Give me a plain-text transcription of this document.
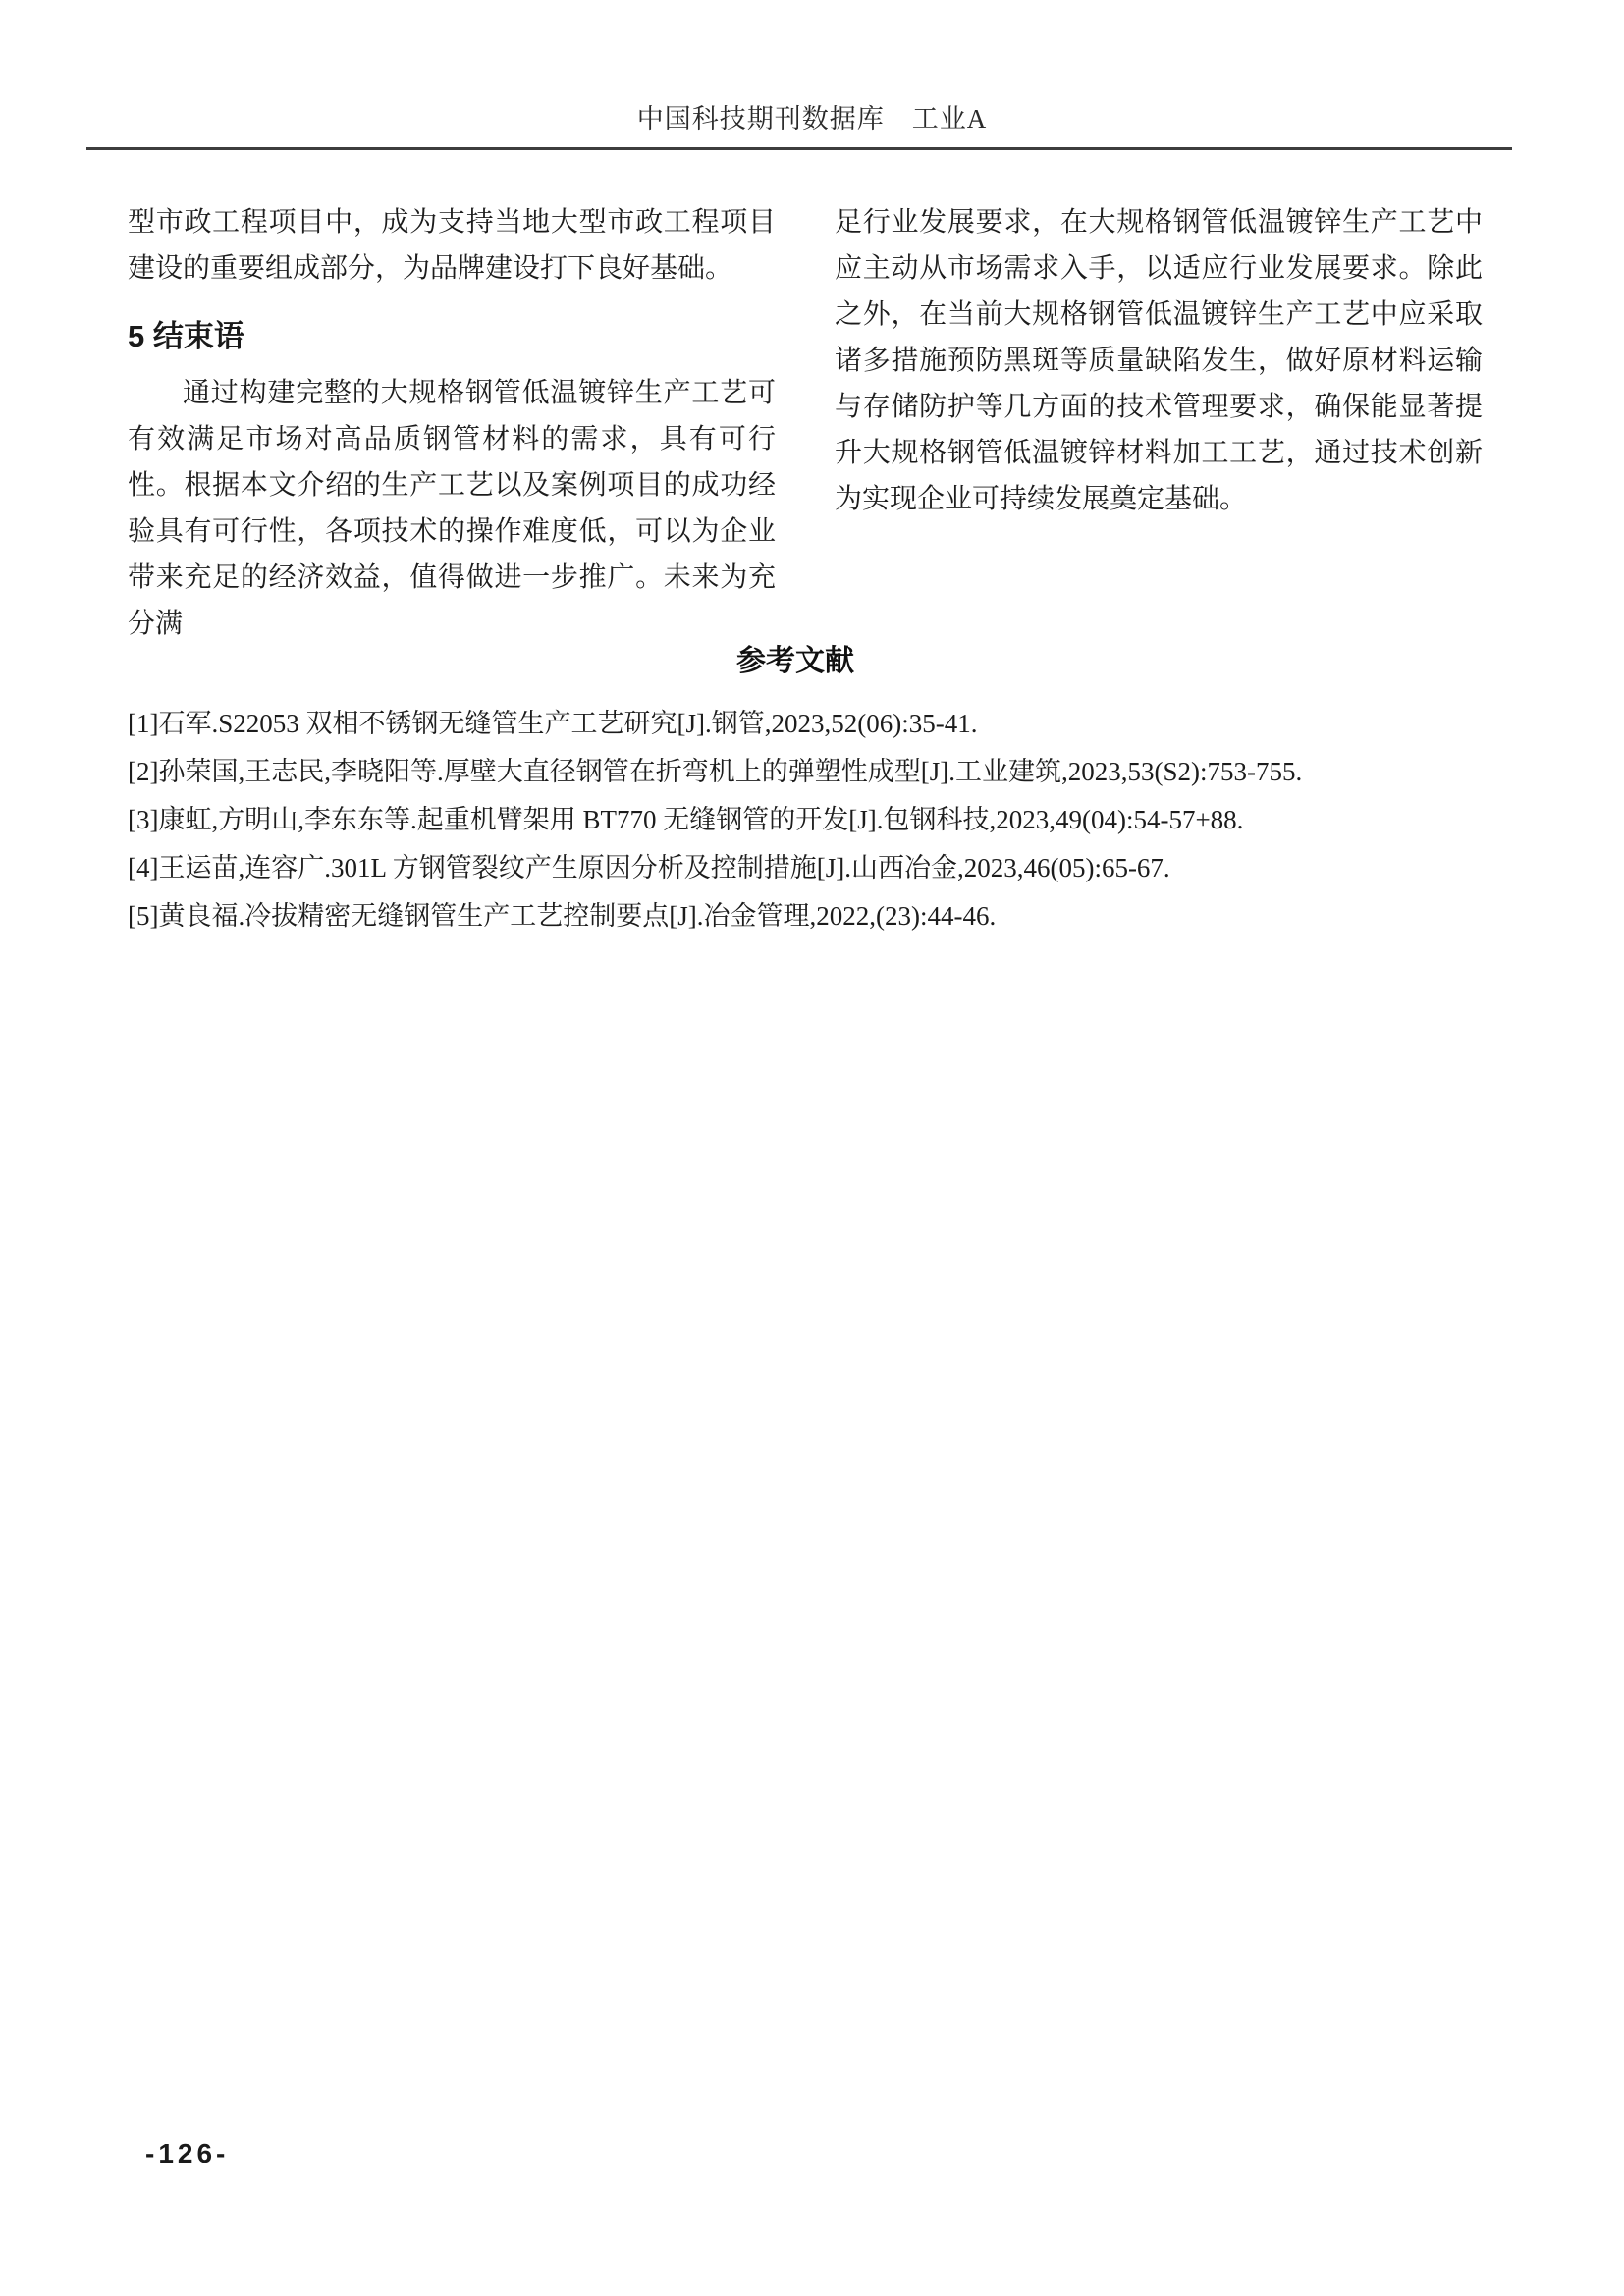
中国科技期刊数据库　工业A

型市政工程项目中，成为支持当地大型市政工程项目建设的重要组成部分，为品牌建设打下良好基础。

5 结束语

通过构建完整的大规格钢管低温镀锌生产工艺可有效满足市场对高品质钢管材料的需求，具有可行性。根据本文介绍的生产工艺以及案例项目的成功经验具有可行性，各项技术的操作难度低，可以为企业带来充足的经济效益，值得做进一步推广。未来为充分满

足行业发展要求，在大规格钢管低温镀锌生产工艺中应主动从市场需求入手，以适应行业发展要求。除此之外，在当前大规格钢管低温镀锌生产工艺中应采取诸多措施预防黑斑等质量缺陷发生，做好原材料运输与存储防护等几方面的技术管理要求，确保能显著提升大规格钢管低温镀锌材料加工工艺，通过技术创新为实现企业可持续发展奠定基础。

参考文献

[1]石军.S22053 双相不锈钢无缝管生产工艺研究[J].钢管,2023,52(06):35-41.

[2]孙荣国,王志民,李晓阳等.厚壁大直径钢管在折弯机上的弹塑性成型[J].工业建筑,2023,53(S2):753-755.

[3]康虹,方明山,李东东等.起重机臂架用 BT770 无缝钢管的开发[J].包钢科技,2023,49(04):54-57+88.

[4]王运苗,连容广.301L 方钢管裂纹产生原因分析及控制措施[J].山西冶金,2023,46(05):65-67.

[5]黄良福.冷拔精密无缝钢管生产工艺控制要点[J].冶金管理,2022,(23):44-46.

-126-
